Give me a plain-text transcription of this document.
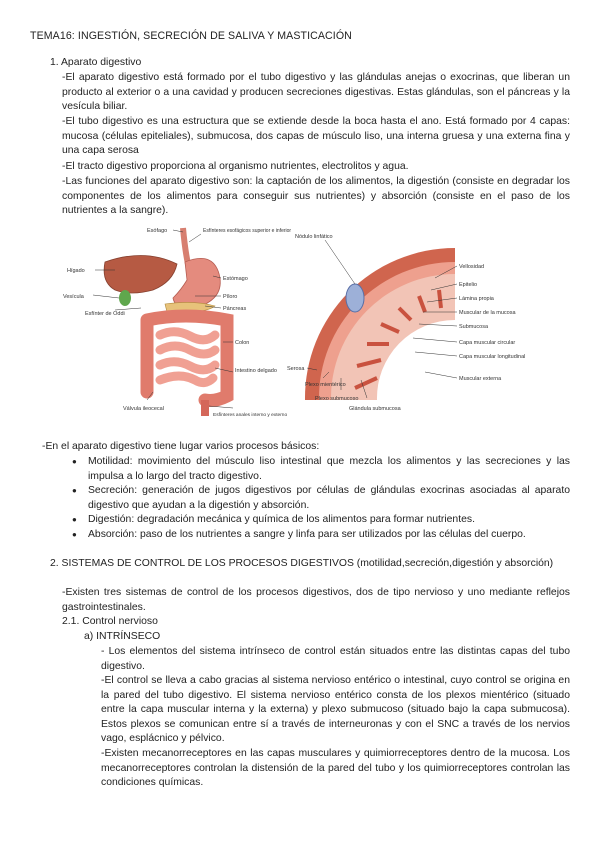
TEMA16: INGESTIÓN, SECRECIÓN DE SALIVA Y MASTICACIÓN
1. Aparato digestivo
-El aparato digestivo está formado por el tubo digestivo y las glándulas anejas o exocrinas, que liberan un producto al exterior o a una cavidad y producen secreciones digestivas. Estas glándulas, son el páncreas y la vesícula biliar.
-El tubo digestivo es una estructura que se extiende desde la boca hasta el ano. Está formado por 4 capas: mucosa (células epiteliales), submucosa, dos capas de músculo liso, una interna gruesa y una externa fina y una capa serosa
-El tracto digestivo proporciona al organismo nutrientes, electrolitos y agua.
-Las funciones del aparato digestivo son: la captación de los alimentos, la digestión (consiste en degradar los componentes de los alimentos para conseguir sus nutrientes) y absorción (consiste en el paso de los nutrientes a la sangre).
Esófago	Esfínteres esofágicos superior e inferior
Estómago
Píloro
Páncreas
Hígado
Vesícula
Esfínter de Oddi
Colon
Intestino delgado
Válvula ileocecal
Esfínteres anales interno y externo
Nódulo linfático
Vellosidad
Epitelio
Lámina propia
Muscular de la mucosa
Submucosa
Capa muscular circular
Capa muscular longitudinal
Muscular externa
Serosa
Plexo mientérico
Plexo submucoso
Glándula submucosa
-En el aparato digestivo tiene lugar varios procesos básicos:
● Motilidad: movimiento del músculo liso intestinal que mezcla los alimentos y las secreciones y las impulsa a lo largo del tracto digestivo.
● Secreción: generación de jugos digestivos por células de glándulas exocrinas asociadas al aparato digestivo que ayudan a la digestión y absorción.
● Digestión: degradación mecánica y química de los alimentos para formar nutrientes.
● Absorción: paso de los nutrientes a sangre y linfa para ser utilizados por las células del cuerpo.
2. SISTEMAS DE CONTROL DE LOS PROCESOS DIGESTIVOS (motilidad,secreción,digestión y absorción)
-Existen tres sistemas de control de los procesos digestivos, dos de tipo nervioso y uno mediante reflejos gastrointestinales.
2.1. Control nervioso
a) INTRÍNSECO
- Los elementos del sistema intrínseco de control están situados entre las distintas capas del tubo digestivo.
-El control se lleva a cabo gracias al sistema nervioso entérico o intestinal, cuyo control se origina en la pared del tubo digestivo. El sistema nervioso entérico consta de los plexos mientérico (situado entre la capa muscular interna y la externa) y plexo submucoso (situado bajo la capa submucosa). Estos plexos se comunican entre sí a través de interneuronas y con el SNC a través de los nervios vago, esplácnico y pélvico.
-Existen mecanorreceptores en las capas musculares y quimiorreceptores dentro de la mucosa. Los mecanorreceptores controlan la distensión de la pared del tubo y los quimiorreceptores controlan las condiciones químicas.
